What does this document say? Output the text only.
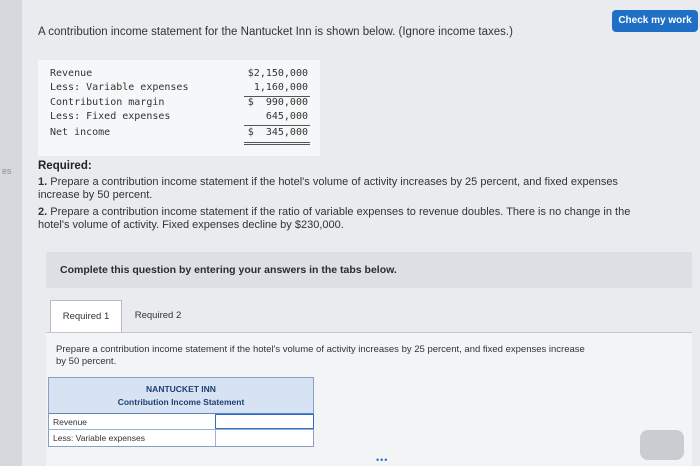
es
Check my work
A contribution income statement for the Nantucket Inn is shown below. (Ignore income taxes.)
Revenue	$2,150,000
Less: Variable expenses	1,160,000
Contribution margin	$  990,000
Less: Fixed expenses	645,000
Net income	$  345,000
Required:
1. Prepare a contribution income statement if the hotel's volume of activity increases by 25 percent, and fixed expenses
increase by 50 percent.
2. Prepare a contribution income statement if the ratio of variable expenses to revenue doubles. There is no change in the
hotel's volume of activity. Fixed expenses decline by $230,000.
Complete this question by entering your answers in the tabs below.
Required 1	Required 2
Prepare a contribution income statement if the hotel's volume of activity increases by 25 percent, and fixed expenses increase
by 50 percent.
NANTUCKET INN
Contribution Income Statement
Revenue
Less: Variable expenses
•••
